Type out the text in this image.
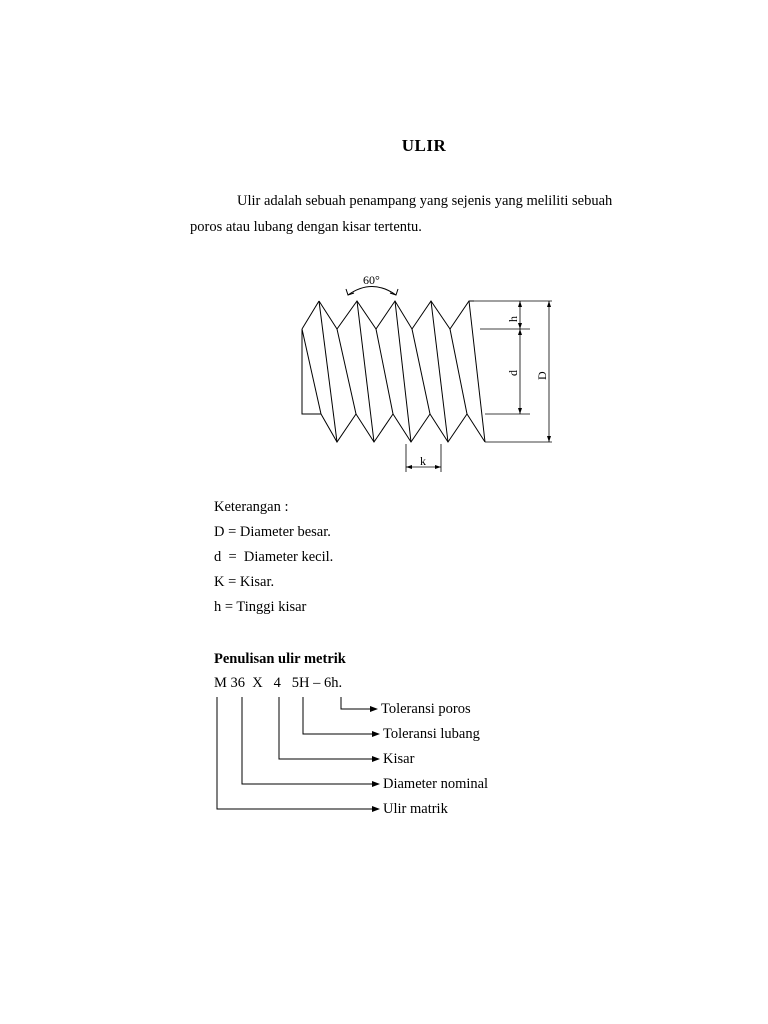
ULIR
Ulir adalah sebuah penampang yang sejenis yang meliliti sebuah
poros atau lubang dengan kisar tertentu.
60°
h
d D
k
Keterangan :
D = Diameter besar.
d  =  Diameter kecil.
K = Kisar.
h = Tinggi kisar
Penulisan ulir metrik
M 36  X   4   5H – 6h.
Toleransi poros
Toleransi lubang
Kisar
Diameter nominal
Ulir matrik
